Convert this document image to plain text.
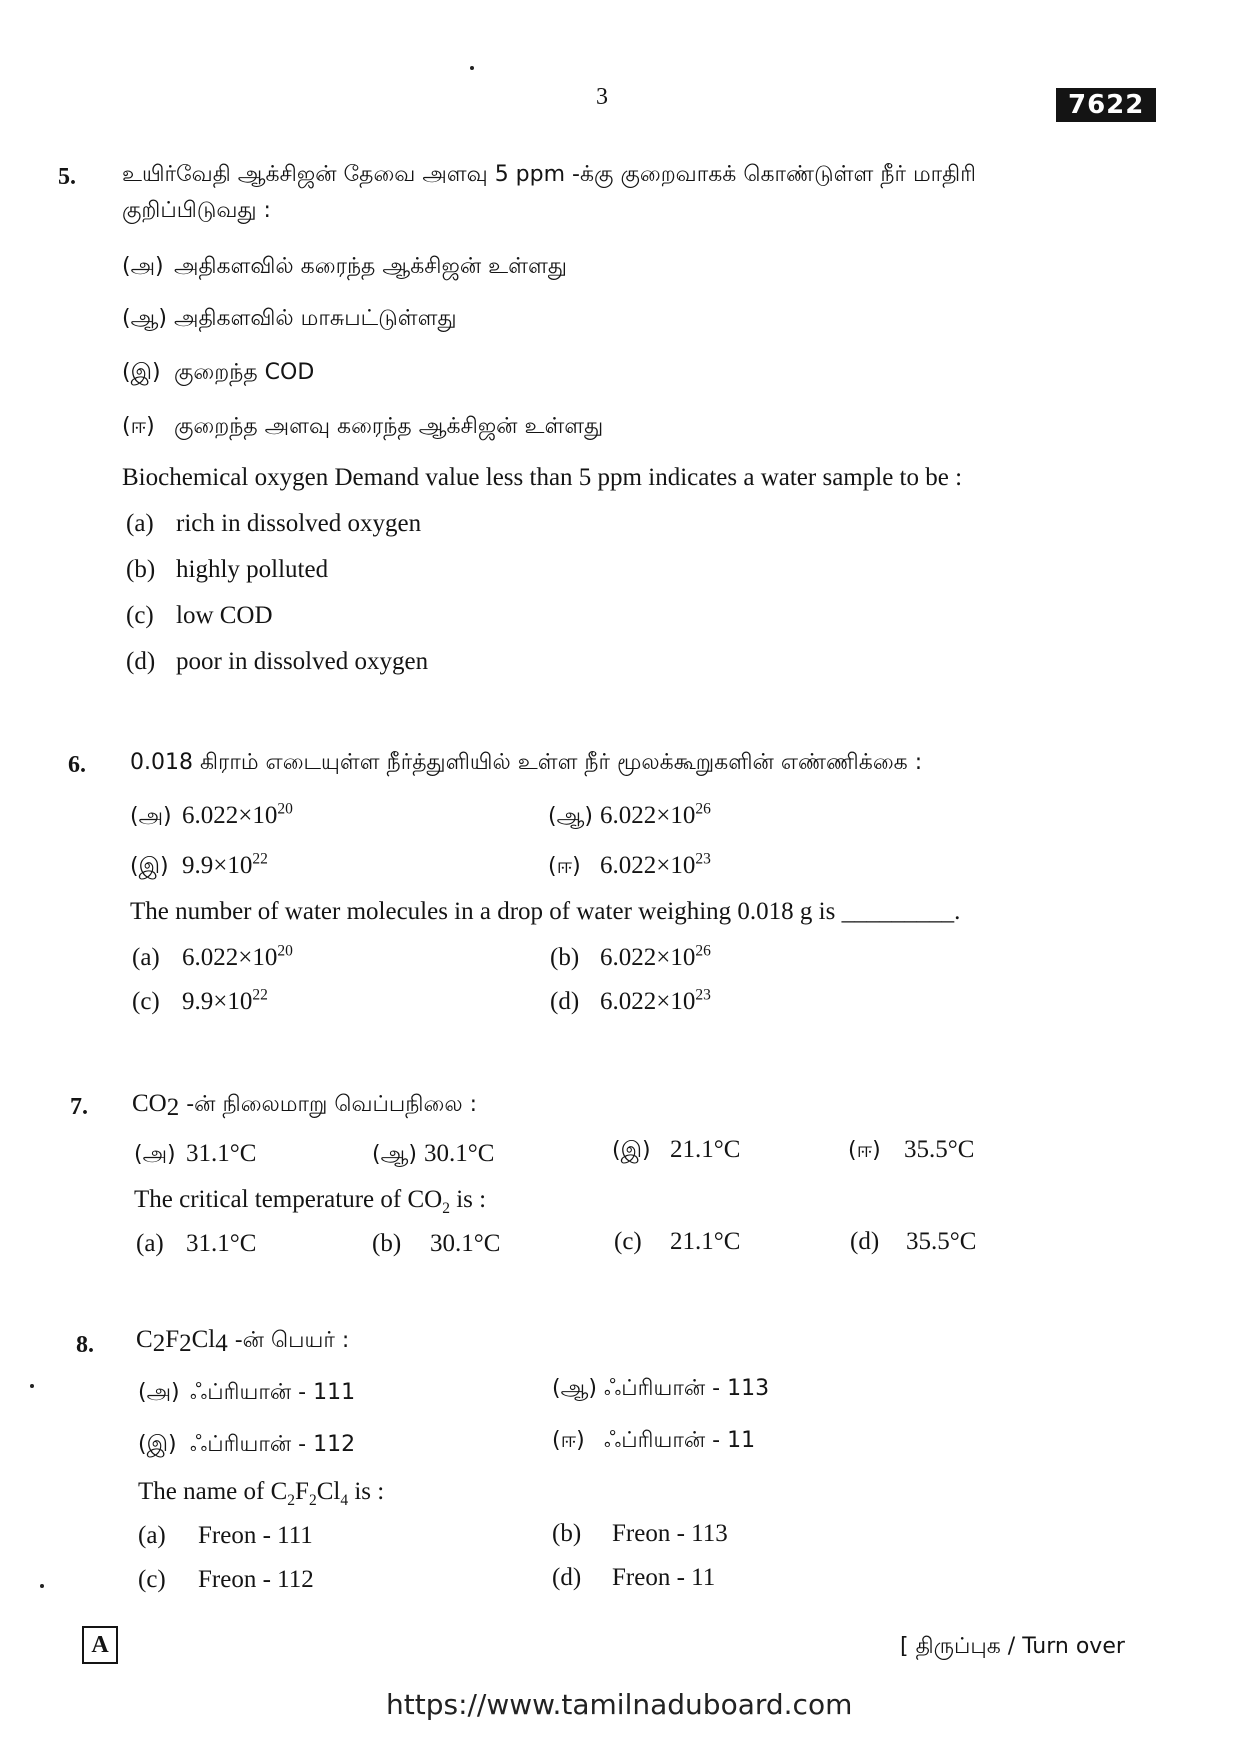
3	7622
5. உயிர்வேதி ஆக்சிஜன் தேவை அளவு 5 ppm -க்கு குறைவாகக் கொண்டுள்ள நீர் மாதிரி
குறிப்பிடுவது :
(அ) அதிகளவில் கரைந்த ஆக்சிஜன் உள்ளது
(ஆ) அதிகளவில் மாசுபட்டுள்ளது
(இ) குறைந்த COD
(ஈ) குறைந்த அளவு கரைந்த ஆக்சிஜன் உள்ளது
Biochemical oxygen Demand value less than 5 ppm indicates a water sample to be :
(a) rich in dissolved oxygen
(b) highly polluted
(c) low COD
(d) poor in dissolved oxygen
6. 0.018 கிராம் எடையுள்ள நீர்த்துளியில் உள்ள நீர் மூலக்கூறுகளின் எண்ணிக்கை :
(அ) $6.022\times 10^{20}$	(ஆ) $6.022\times 10^{26}$
(இ) $9.9\times 10^{22}$	(ஈ) $6.022\times 10^{23}$
The number of water molecules in a drop of water weighing 0.018 g is _________.
(a) $6.022\times 10^{20}$	(b) $6.022\times 10^{26}$
(c) $9.9\times 10^{22}$	(d) $6.022\times 10^{23}$
7. $CO_2$ -ன் நிலைமாறு வெப்பநிலை :
(அ) 31.1°C	(ஆ) 30.1°C	(இ) 21.1°C	(ஈ) 35.5°C
The critical temperature of $CO_2$ is :
(a) 31.1°C	(b) 30.1°C	(c) 21.1°C	(d) 35.5°C
8. $C_2F_2Cl_4$ -ன் பெயர் :
(அ) ஃப்ரியான் - 111	(ஆ) ஃப்ரியான் - 113
(இ) ஃப்ரியான் - 112	(ஈ) ஃப்ரியான் - 11
The name of $C_2F_2Cl_4$ is :
(a) Freon - 111	(b) Freon - 113
(c) Freon - 112	(d) Freon - 11
A	[ திருப்புக / Turn over
https://www.tamilnaduboard.com
